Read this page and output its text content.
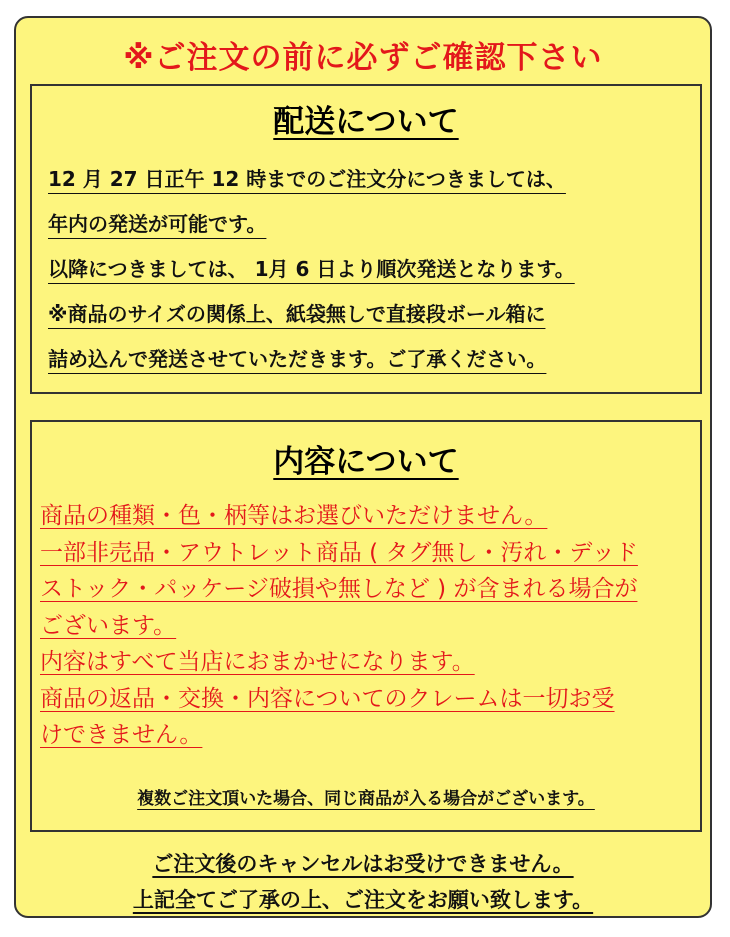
※ご注文の前に必ずご確認下さい

配送について

12 月 27 日正午 12 時までのご注文分につきましては、
年内の発送が可能です。
以降につきましては、 1月 6 日より順次発送となります。
※商品のサイズの関係上、紙袋無しで直接段ボール箱に
詰め込んで発送させていただきます。ご了承ください。

内容について

商品の種類・色・柄等はお選びいただけません。
一部非売品・アウトレット商品 ( タグ無し・汚れ・デッド
ストック・パッケージ破損や無しなど ) が含まれる場合が
ございます。
内容はすべて当店におまかせになります。
商品の返品・交換・内容についてのクレームは一切お受
けできません。

複数ご注文頂いた場合、同じ商品が入る場合がございます。

ご注文後のキャンセルはお受けできません。

上記全てご了承の上、ご注文をお願い致します。
